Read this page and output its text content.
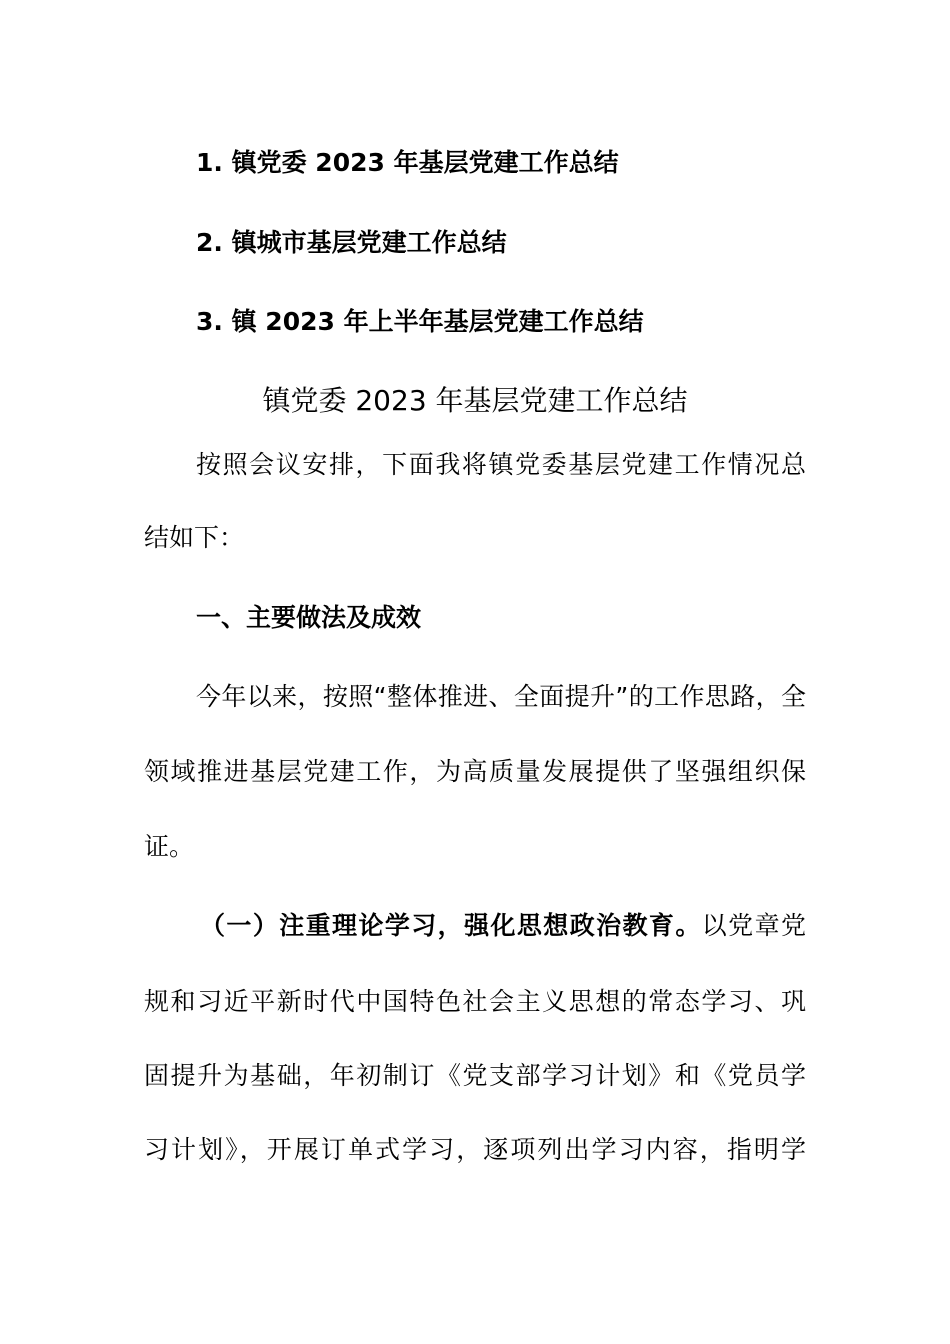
1. 镇党委 2023 年基层党建工作总结
2. 镇城市基层党建工作总结
3. 镇 2023 年上半年基层党建工作总结
镇党委 2023 年基层党建工作总结
按照会议安排，下面我将镇党委基层党建工作情况总
结如下：
一、主要做法及成效
今年以来，按照“整体推进、全面提升”的工作思路，全
领域推进基层党建工作，为高质量发展提供了坚强组织保
证。
（一）注重理论学习，强化思想政治教育。以党章党
规和习近平新时代中国特色社会主义思想的常态学习、巩
固提升为基础，年初制订《党支部学习计划》和《党员学
习计划》，开展订单式学习，逐项列出学习内容，指明学
